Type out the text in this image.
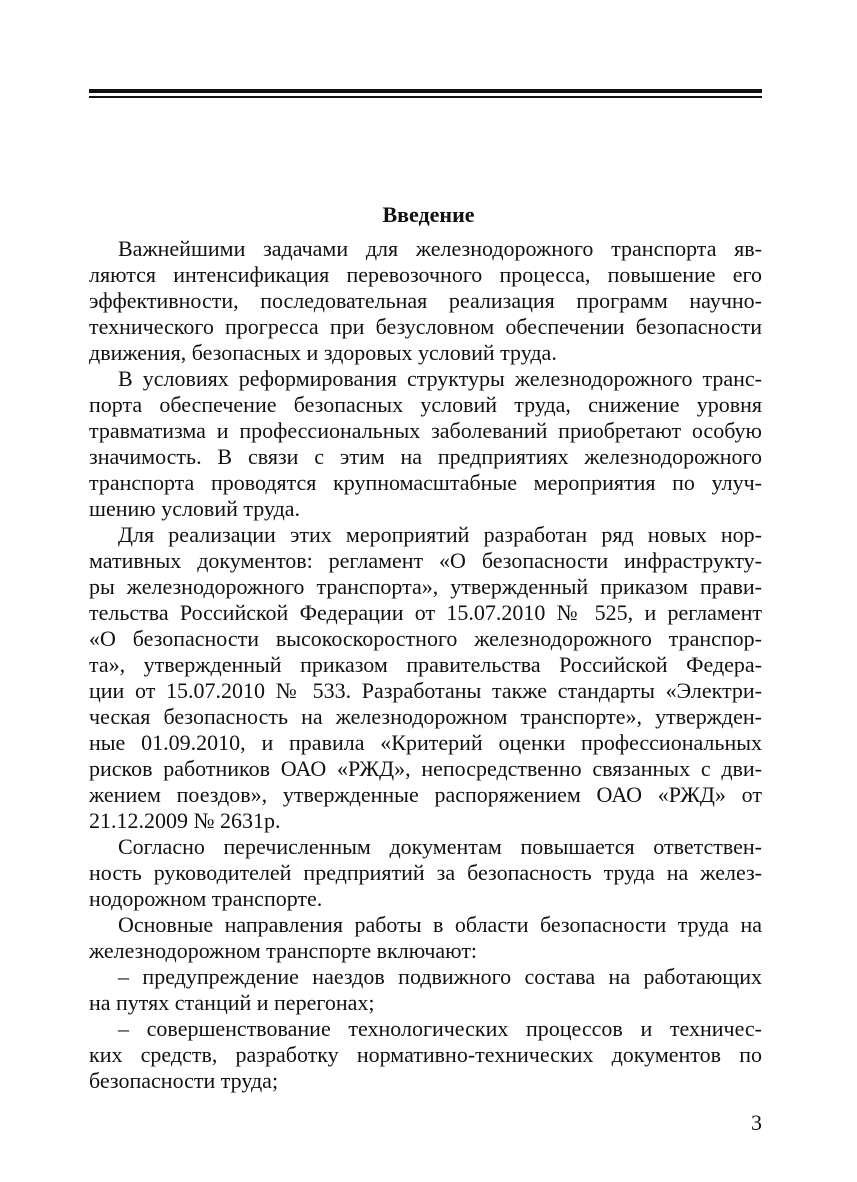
Введение
Важнейшими задачами для железнодорожного транспорта яв-
ляются интенсификация перевозочного процесса, повышение его
эффективности, последовательная реализация программ научно-
технического прогресса при безусловном обеспечении безопасности
движения, безопасных и здоровых условий труда.
В условиях реформирования структуры железнодорожного транс-
порта обеспечение безопасных условий труда, снижение уровня
травматизма и профессиональных заболеваний приобретают особую
значимость. В связи с этим на предприятиях железнодорожного
транспорта проводятся крупномасштабные мероприятия по улуч-
шению условий труда.
Для реализации этих мероприятий разработан ряд новых нор-
мативных документов: регламент «О безопасности инфраструкту-
ры железнодорожного транспорта», утвержденный приказом прави-
тельства Российской Федерации от 15.07.2010 № 525, и регламент
«О безопасности высокоскоростного железнодорожного транспор-
та», утвержденный приказом правительства Российской Федера-
ции от 15.07.2010 № 533. Разработаны также стандарты «Электри-
ческая безопасность на железнодорожном транспорте», утвержден-
ные 01.09.2010, и правила «Критерий оценки профессиональных
рисков работников ОАО «РЖД», непосредственно связанных с дви-
жением поездов», утвержденные распоряжением ОАО «РЖД» от
21.12.2009 № 2631р.
Согласно перечисленным документам повышается ответствен-
ность руководителей предприятий за безопасность труда на желез-
нодорожном транспорте.
Основные направления работы в области безопасности труда на
железнодорожном транспорте включают:
– предупреждение наездов подвижного состава на работающих
на путях станций и перегонах;
– совершенствование технологических процессов и техничес-
ких средств, разработку нормативно-технических документов по
безопасности труда;
3
